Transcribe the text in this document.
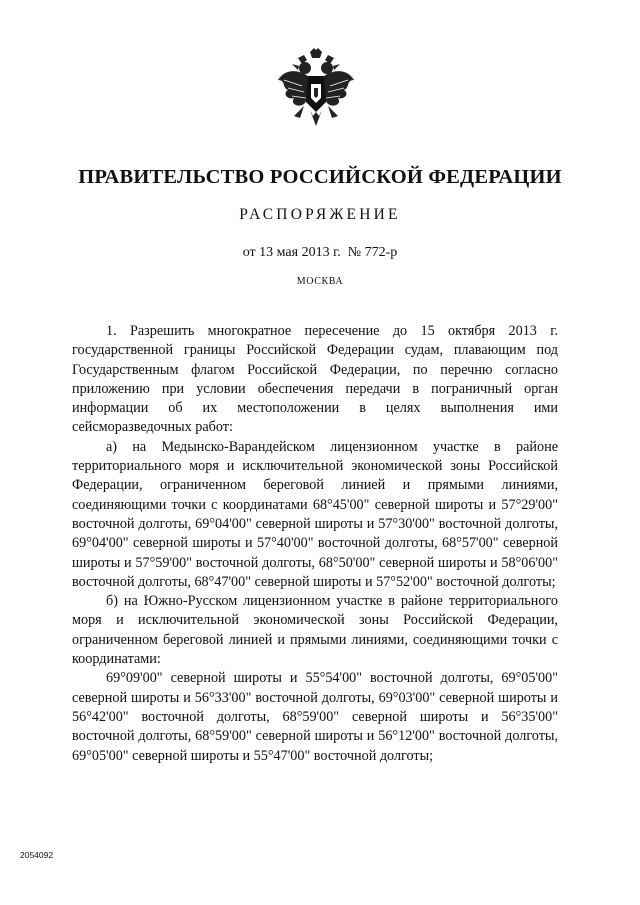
ПРАВИТЕЛЬСТВО РОССИЙСКОЙ ФЕДЕРАЦИИ
РАСПОРЯЖЕНИЕ
от 13 мая 2013 г.  № 772-р
МОСКВА

1. Разрешить многократное пересечение до 15 октября 2013 г. государственной границы Российской Федерации судам, плавающим под Государственным флагом Российской Федерации, по перечню согласно приложению при условии обеспечения передачи в пограничный орган информации об их местоположении в целях выполнения ими сейсморазведочных работ:

а) на Медынско-Варандейском лицензионном участке в районе территориального моря и исключительной экономической зоны Российской Федерации, ограниченном береговой линией и прямыми линиями, соединяющими точки с координатами 68°45'00" северной широты и 57°29'00" восточной долготы, 69°04'00" северной широты и 57°30'00" восточной долготы, 69°04'00" северной широты и 57°40'00" восточной долготы, 68°57'00" северной широты и 57°59'00" восточной долготы, 68°50'00" северной широты и 58°06'00" восточной долготы, 68°47'00" северной широты и 57°52'00" восточной долготы;

б) на Южно-Русском лицензионном участке в районе территориального моря и исключительной экономической зоны Российской Федерации, ограниченном береговой линией и прямыми линиями, соединяющими точки с координатами:

69°09'00" северной широты и 55°54'00" восточной долготы, 69°05'00" северной широты и 56°33'00" восточной долготы, 69°03'00" северной широты и 56°42'00" восточной долготы, 68°59'00" северной широты и 56°35'00" восточной долготы, 68°59'00" северной широты и 56°12'00" восточной долготы, 69°05'00" северной широты и 55°47'00" восточной долготы;

2054092
